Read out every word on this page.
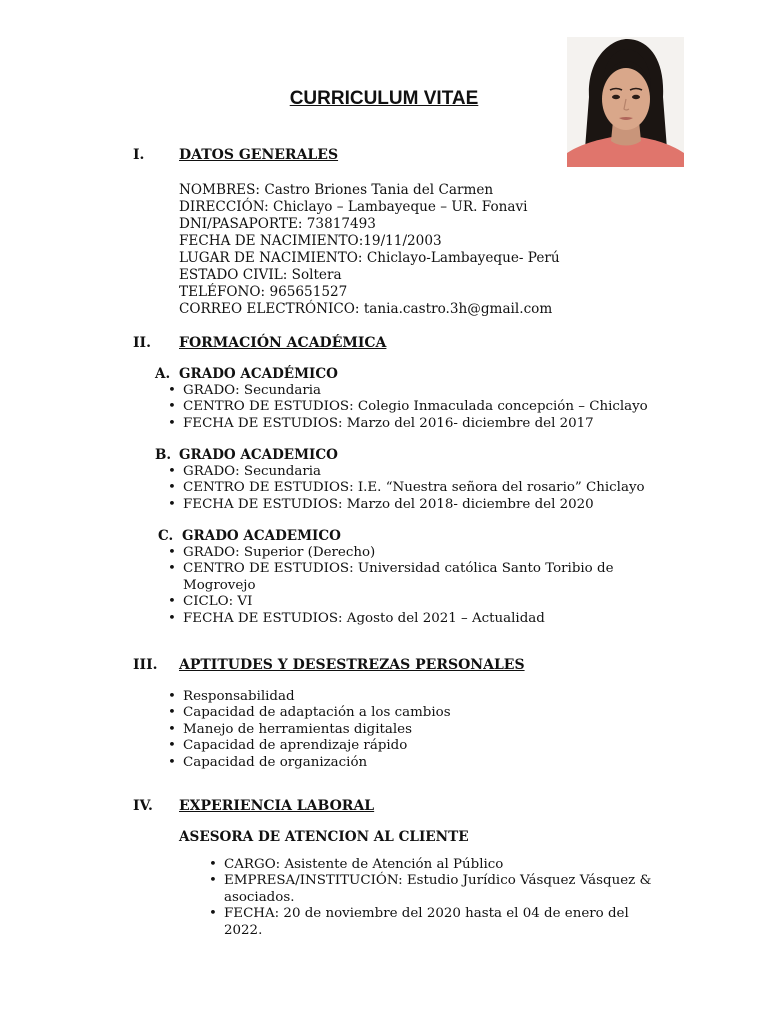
CURRICULUM VITAE
I. DATOS GENERALES
NOMBRES: Castro Briones Tania del Carmen
DIRECCIÓN: Chiclayo – Lambayeque – UR. Fonavi
DNI/PASAPORTE: 73817493
FECHA DE NACIMIENTO:19/11/2003
LUGAR DE NACIMIENTO: Chiclayo-Lambayeque- Perú
ESTADO CIVIL: Soltera
TELÉFONO: 965651527
CORREO ELECTRÓNICO: tania.castro.3h@gmail.com
II. FORMACIÓN ACADÉMICA
A. GRADO ACADÉMICO
• GRADO: Secundaria
• CENTRO DE ESTUDIOS: Colegio Inmaculada concepción – Chiclayo
• FECHA DE ESTUDIOS: Marzo del 2016- diciembre del 2017
B. GRADO ACADEMICO
• GRADO: Secundaria
• CENTRO DE ESTUDIOS: I.E. “Nuestra señora del rosario” Chiclayo
• FECHA DE ESTUDIOS: Marzo del 2018- diciembre del 2020
C. GRADO ACADEMICO
• GRADO: Superior (Derecho)
• CENTRO DE ESTUDIOS: Universidad católica Santo Toribio de Mogrovejo
• CICLO: VI
• FECHA DE ESTUDIOS: Agosto del 2021 – Actualidad
III. APTITUDES Y DESESTREZAS PERSONALES
• Responsabilidad
• Capacidad de adaptación a los cambios
• Manejo de herramientas digitales
• Capacidad de aprendizaje rápido
• Capacidad de organización
IV. EXPERIENCIA LABORAL
ASESORA DE ATENCION AL CLIENTE
• CARGO: Asistente de Atención al Público
• EMPRESA/INSTITUCIÓN: Estudio Jurídico Vásquez Vásquez & asociados.
• FECHA: 20 de noviembre del 2020 hasta el 04 de enero del 2022.
